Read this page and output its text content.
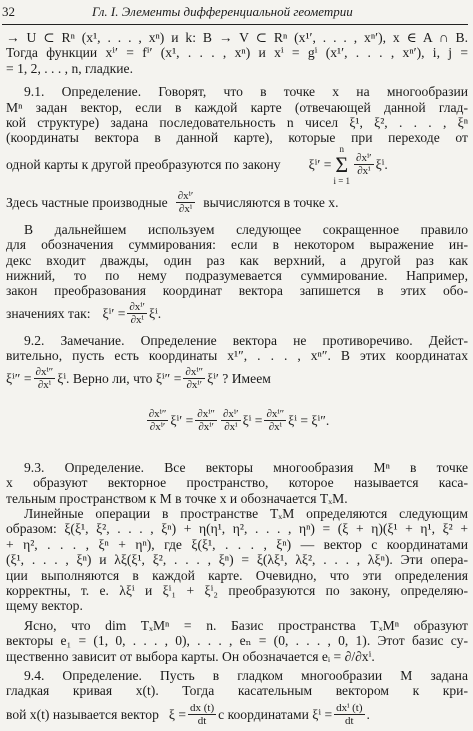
32	Гл. I. Элементы дифференциальной геометрии
→ U ⊂ Rⁿ (x¹, . . . , xⁿ) и k: B → V ⊂ Rⁿ (x¹′, . . . , xⁿ′), x ∈ A ∩ B.
Тогда функции xⁱ′ = fⁱ′ (x¹, . . . , xⁿ) и xⁱ = gⁱ (x¹′, . . . , xⁿ′), i, j =
= 1, 2, . . . , n, гладкие.
9.1. Определение. Говорят, что в точке x на многообразии
Mⁿ задан вектор, если в каждой карте (отвечающей данной глад-
кой структуре) задана последовательность n чисел ξ¹, ξ², . . . , ξⁿ
(координаты вектора в данной карте), которые при переходе от
одной карты к другой преобразуются по закону ξⁱ′ =
n
Σ
i = 1
$\frac{\text{∂xⁱ′}}{\text{∂xⁱ}} \xi^i$.
Здесь частные производные $\frac{\text{∂xⁱ′}}{\text{∂xⁱ}}$ вычисляются в точке x.
В дальнейшем используем следующее сокращенное правило
для обозначения суммирования: если в некотором выражение ин-
декс входит дважды, один раз как верхний, а другой раз как
нижний, то по нему подразумевается суммирование. Например,
закон преобразования координат вектора запишется в этих обо-
значениях так: $\xi^i' = \frac{\text{∂xⁱ′}}{\text{∂xⁱ}} \xi^i$.
9.2. Замечание. Определение вектора не противоречиво. Дейст-
вительно, пусть есть координаты x¹″, . . . , xⁿ″. В этих координатах
$\xi^i'' = \frac{\text{∂xⁱ″}}{\text{∂xⁱ}} \xi^i$. Верно ли, что $\xi^i'' = \frac{\text{∂xⁱ″}}{\text{∂xⁱ′}} \xi^i'$ ? Имеем
$\frac{\text{∂xⁱ″}}{\text{∂xⁱ′}} \xi^i' = \frac{\text{∂xⁱ″}}{\text{∂xⁱ′}} \frac{\text{∂xⁱ′}}{\text{∂xⁱ}}$ $\xi^i = \frac{\text{∂xⁱ″}}{\text{∂xⁱ}}$ ξⁱ = ξⁱ″.
9.3. Определение. Все векторы многообразия Mⁿ в точке
x образуют векторное пространство, которое называется каса-
тельным пространством к M в точке x и обозначается TₓM.
Линейные операции в пространстве TₓM определяются следующим
образом: ξ(ξ¹, ξ², . . . , ξⁿ) + η(η¹, η², . . . , ηⁿ) = (ξ + η)(ξ¹ + η¹, ξ² +
+ η², . . . , ξⁿ + ηⁿ), где ξ(ξ¹, . . . , ξⁿ) — вектор с координатами
(ξ¹, . . . , ξⁿ) и λξ(ξ¹, ξ², . . . , ξⁿ) = ξ(λξ¹, λξ², . . . , λξⁿ). Эти опера-
ции выполняются в каждой карте. Очевидно, что эти определения
корректны, т. е. λξⁱ и ξⁱ₁ + ξⁱ₂ преобразуются по закону, определяю-
щему вектор.
Ясно, что dim TₓMⁿ = n. Базис пространства TₓMⁿ образуют
векторы e₁ = (1, 0, . . . , 0), . . . , eₙ = (0, . . . , 0, 1). Этот базис су-
щественно зависит от выбора карты. Он обозначается eᵢ = ∂/∂xⁱ.
9.4. Определение. Пусть в гладком многообразии M задана
гладкая кривая x(t). Тогда касательным вектором к кри-
вой x(t) называется вектор $\xi = \frac{dx (t)}{dt}$ с координатами $\xi^i = \frac{\text{dxⁱ (t)}}{dt}$ .
